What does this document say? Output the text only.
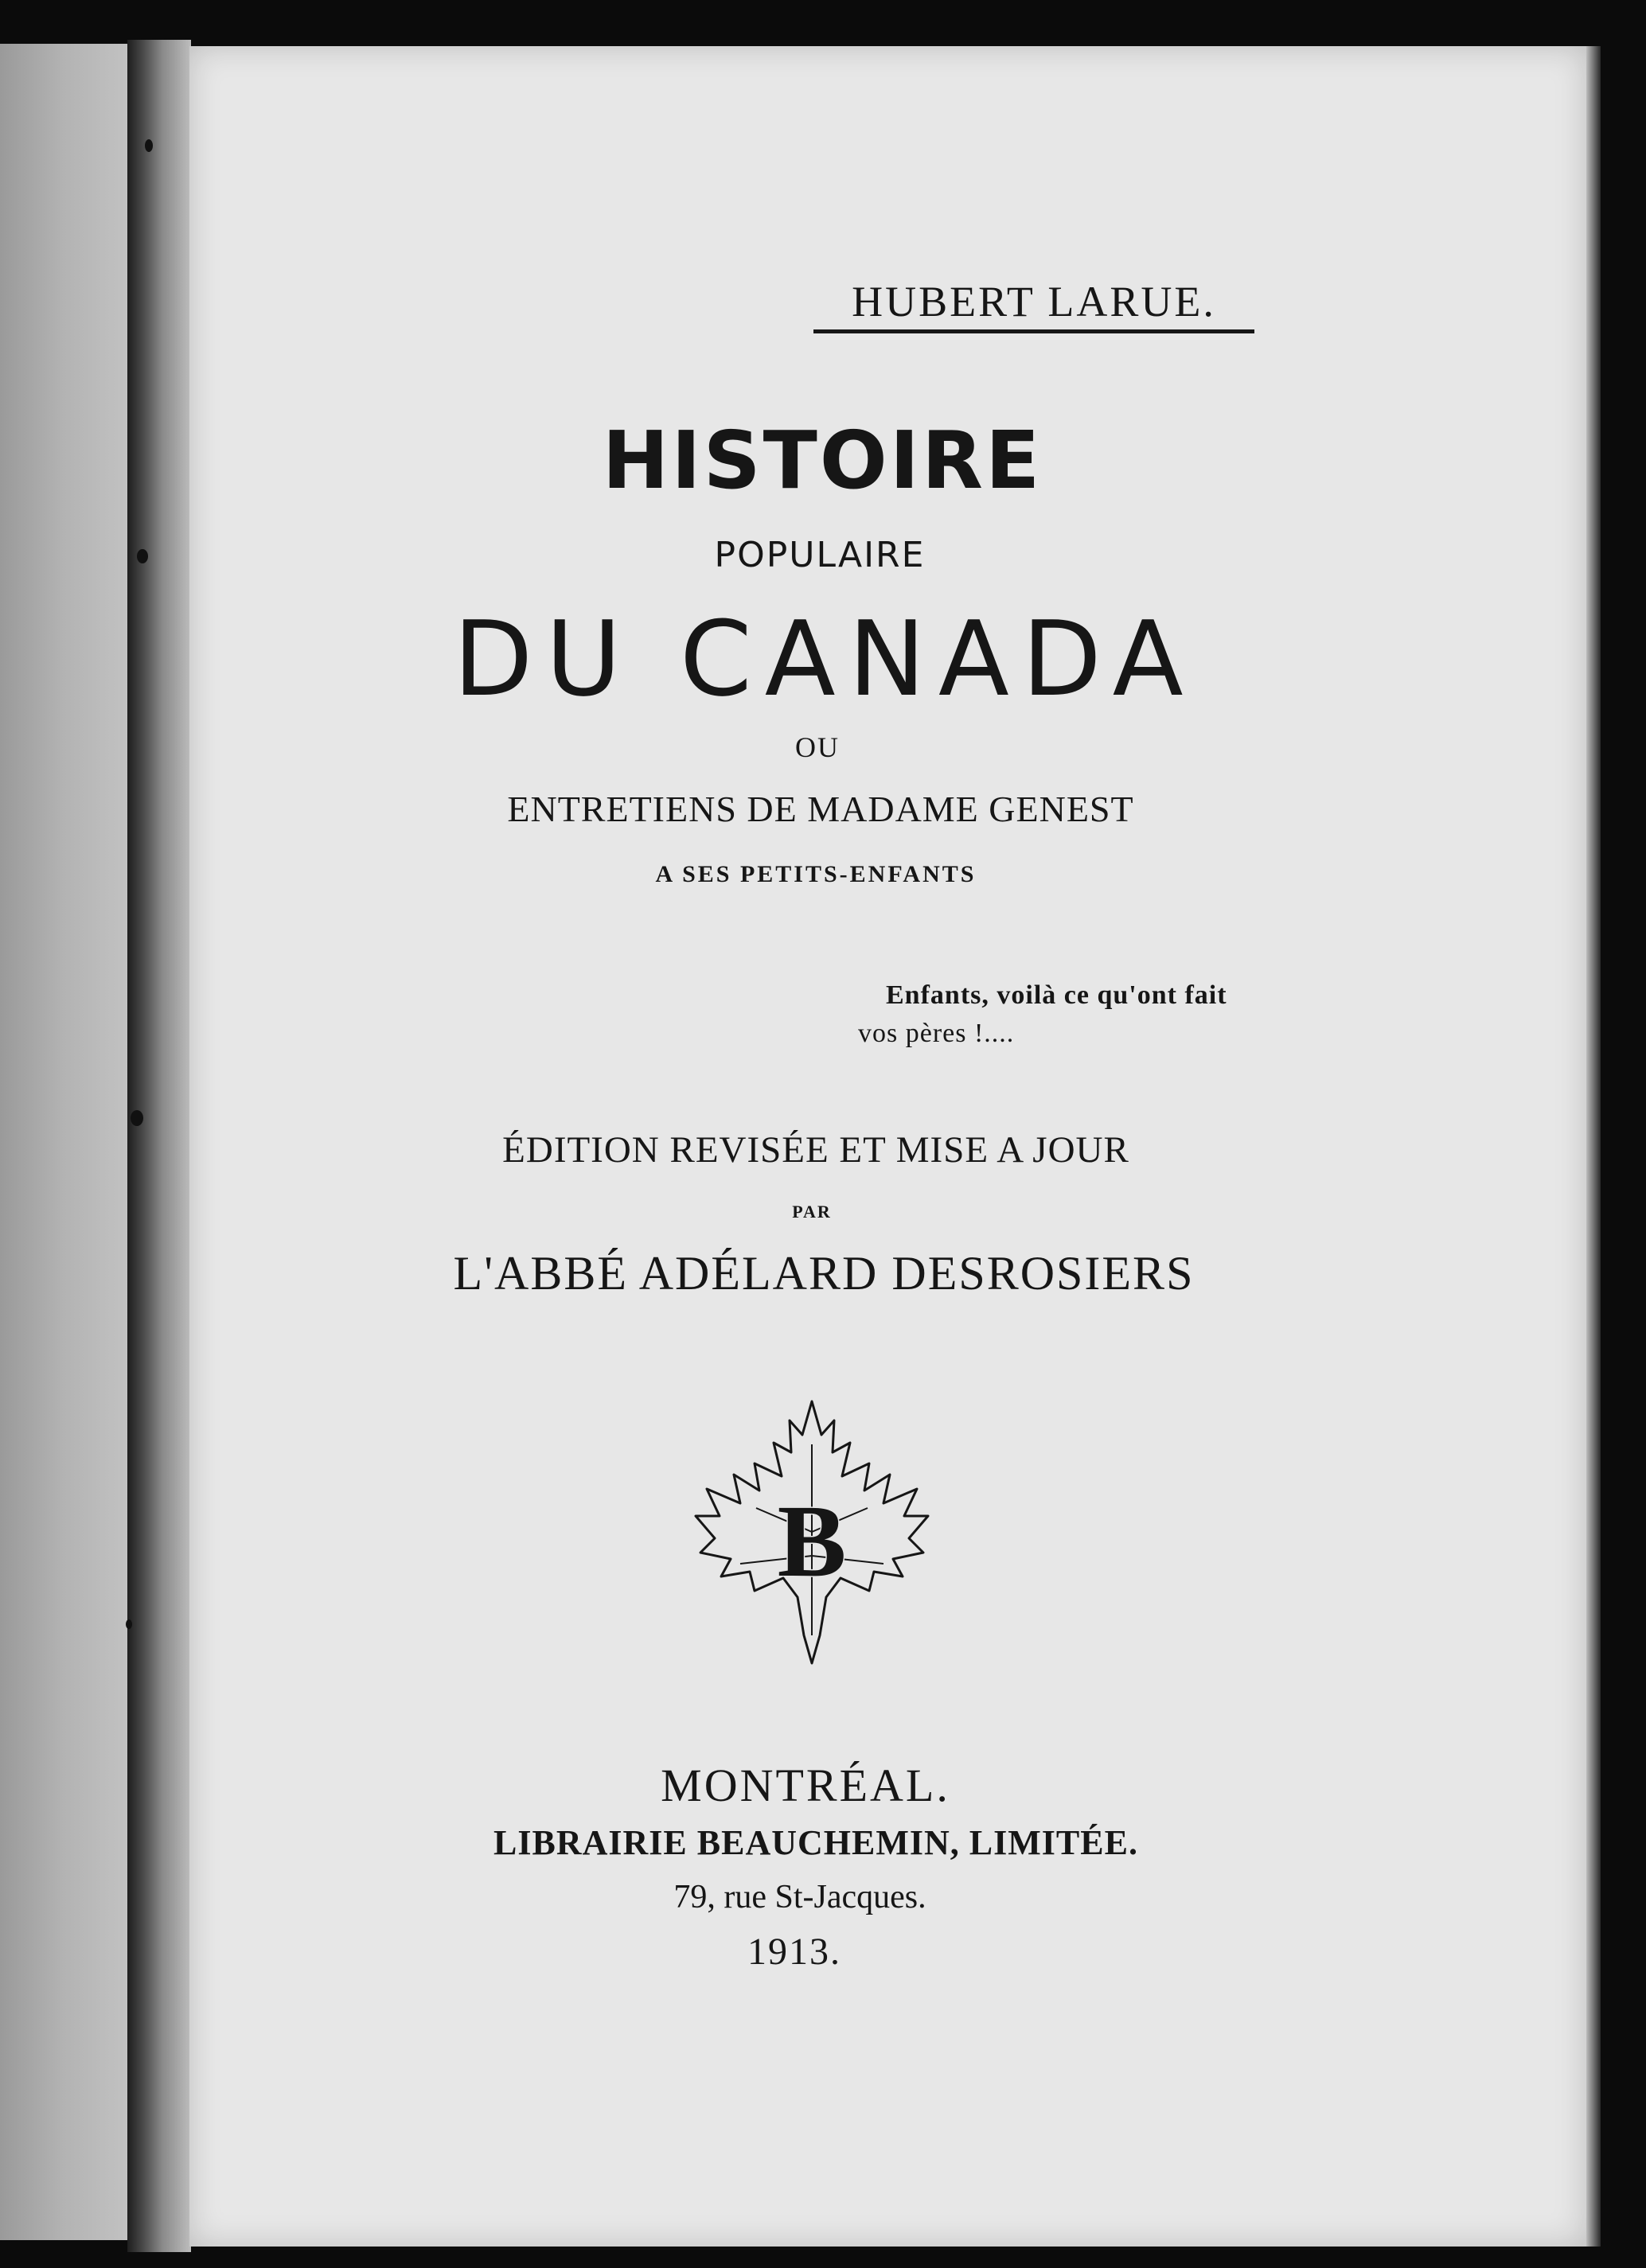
HUBERT LARUE.
HISTOIRE
POPULAIRE
DU CANADA
OU
ENTRETIENS DE MADAME GENEST
A SES PETITS-ENFANTS
Enfants, voilà ce qu'ont fait
vos pères !....
ÉDITION REVISÉE ET MISE A JOUR
PAR
L'ABBÉ ADÉLARD DESROSIERS
B
MONTRÉAL.
LIBRAIRIE BEAUCHEMIN, LIMITÉE.
79, rue St-Jacques.
1913.
